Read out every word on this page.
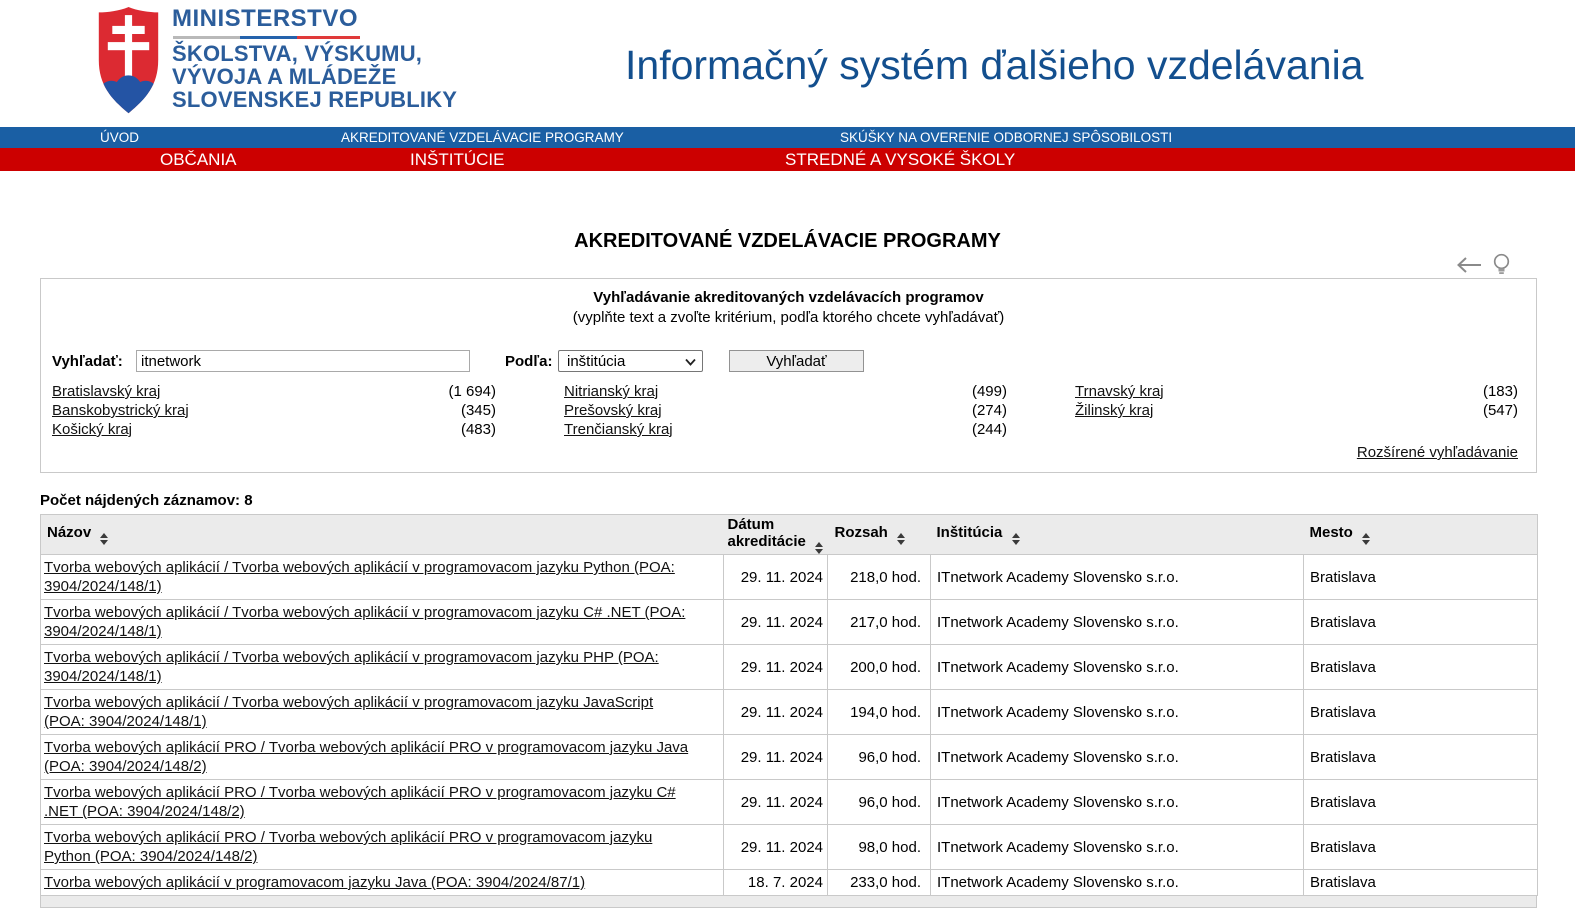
MINISTERSTVO
ŠKOLSTVA, VÝSKUMU,
VÝVOJA A MLÁDEŽE
SLOVENSKEJ REPUBLIKY
Informačný systém ďalšieho vzdelávania
ÚVOD	AKREDITOVANÉ VZDELÁVACIE PROGRAMY	SKÚŠKY NA OVERENIE ODBORNEJ SPÔSOBILOSTI
OBČANIA	INŠTITÚCIE	STREDNÉ A VYSOKÉ ŠKOLY
AKREDITOVANÉ VZDELÁVACIE PROGRAMY
Vyhľadávanie akreditovaných vzdelávacích programov
(vyplňte text a zvoľte kritérium, podľa ktorého chcete vyhľadávať)
Vyhľadať:
itnetwork	Podľa: inštitúcia	Vyhľadať
Bratislavský kraj	(1 694)
Banskobystrický kraj	(345)
Košický kraj	(483)
Nitrianský kraj	(499)
Prešovský kraj	(274)
Trenčianský kraj	(244)
Trnavský kraj	(183)
Žilinský kraj	(547)
Rozšírené vyhľadávanie
Počet nájdených záznamov: 8
Názov	Dátum akreditácie	Rozsah	Inštitúcia	Mesto

Tvorba webových aplikácií / Tvorba webových aplikácií v programovacom jazyku Python (POA: 3904/2024/148/1)	29. 11. 2024	218,0 hod.	ITnetwork Academy Slovensko s.r.o.	Bratislava
Tvorba webových aplikácií / Tvorba webových aplikácií v programovacom jazyku C# .NET (POA: 3904/2024/148/1)	29. 11. 2024	217,0 hod.	ITnetwork Academy Slovensko s.r.o.	Bratislava
Tvorba webových aplikácií / Tvorba webových aplikácií v programovacom jazyku PHP (POA: 3904/2024/148/1)	29. 11. 2024	200,0 hod.	ITnetwork Academy Slovensko s.r.o.	Bratislava
Tvorba webových aplikácií / Tvorba webových aplikácií v programovacom jazyku JavaScript (POA: 3904/2024/148/1)	29. 11. 2024	194,0 hod.	ITnetwork Academy Slovensko s.r.o.	Bratislava
Tvorba webových aplikácií PRO / Tvorba webových aplikácií PRO v programovacom jazyku Java (POA: 3904/2024/148/2)	29. 11. 2024	96,0 hod.	ITnetwork Academy Slovensko s.r.o.	Bratislava
Tvorba webových aplikácií PRO / Tvorba webových aplikácií PRO v programovacom jazyku C# .NET (POA: 3904/2024/148/2)	29. 11. 2024	96,0 hod.	ITnetwork Academy Slovensko s.r.o.	Bratislava
Tvorba webových aplikácií PRO / Tvorba webových aplikácií PRO v programovacom jazyku Python (POA: 3904/2024/148/2)	29. 11. 2024	98,0 hod.	ITnetwork Academy Slovensko s.r.o.	Bratislava
Tvorba webových aplikácií v programovacom jazyku Java (POA: 3904/2024/87/1)	18. 7. 2024	233,0 hod.	ITnetwork Academy Slovensko s.r.o.	Bratislava
